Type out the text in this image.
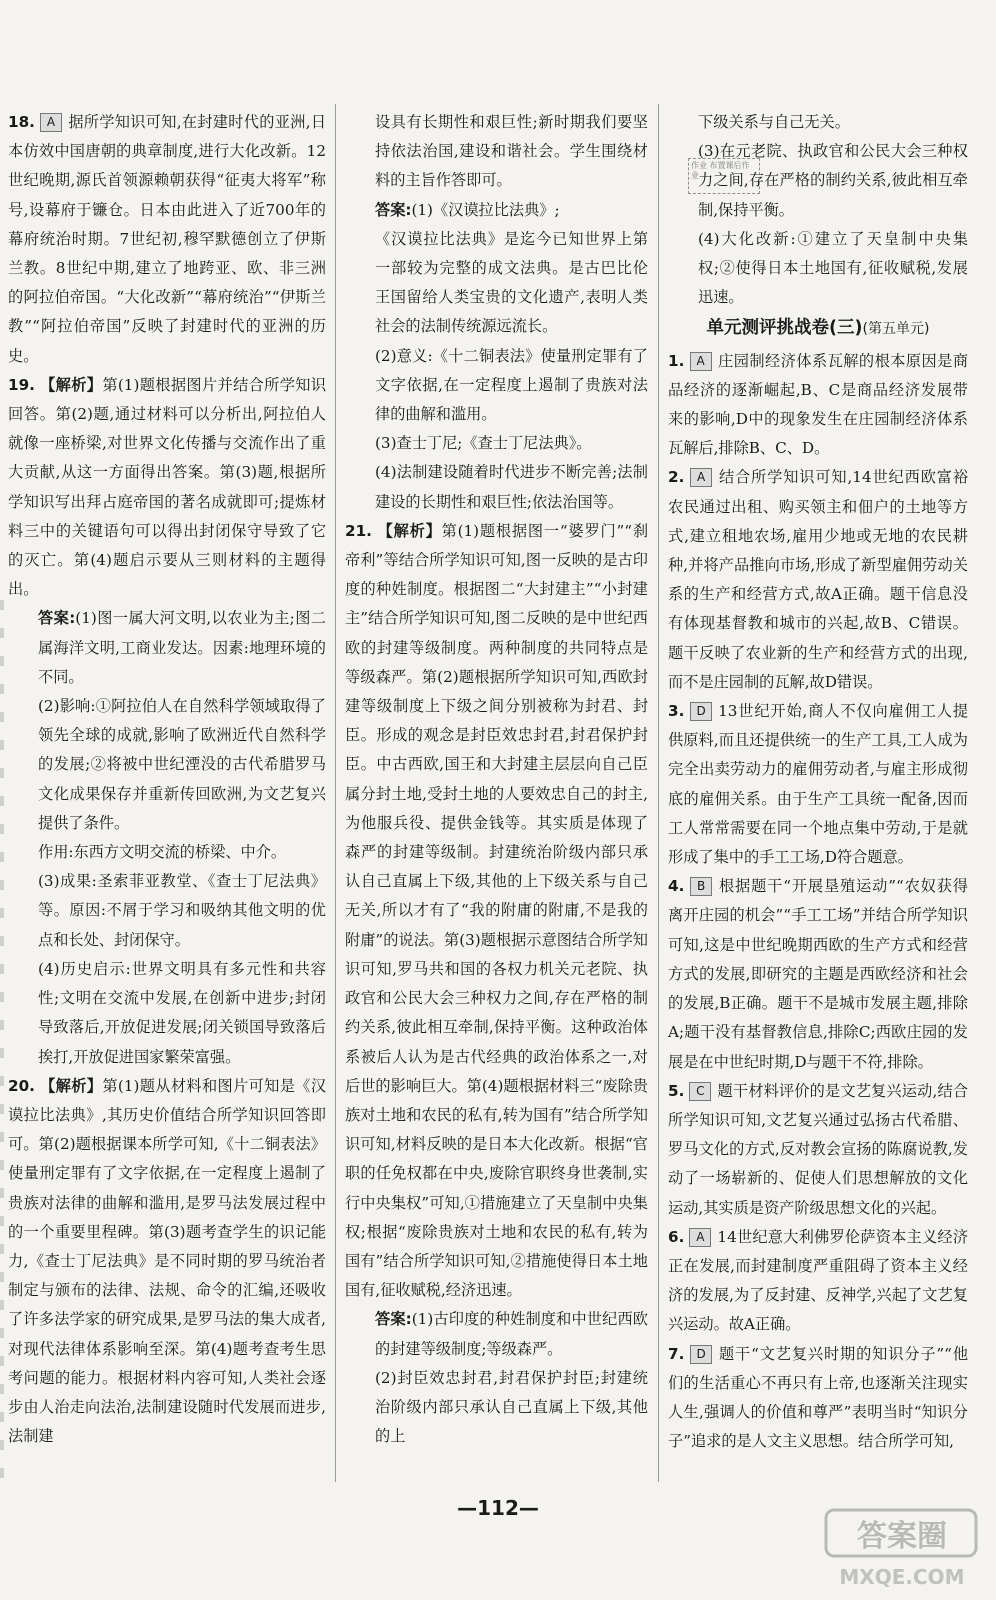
18. A 据所学知识可知,在封建时代的亚洲,日本仿效中国唐朝的典章制度,进行大化改新。12世纪晚期,源氏首领源赖朝获得“征夷大将军”称号,设幕府于镰仓。日本由此进入了近700年的幕府统治时期。7世纪初,穆罕默德创立了伊斯兰教。8世纪中期,建立了地跨亚、欧、非三洲的阿拉伯帝国。“大化改新”“幕府统治”“伊斯兰教”“阿拉伯帝国”反映了封建时代的亚洲的历史。

19. 【解析】第(1)题根据图片并结合所学知识回答。第(2)题,通过材料可以分析出,阿拉伯人就像一座桥梁,对世界文化传播与交流作出了重大贡献,从这一方面得出答案。第(3)题,根据所学知识写出拜占庭帝国的著名成就即可;提炼材料三中的关键语句可以得出封闭保守导致了它的灭亡。第(4)题启示要从三则材料的主题得出。

答案:(1)图一属大河文明,以农业为主;图二属海洋文明,工商业发达。因素:地理环境的不同。

(2)影响:①阿拉伯人在自然科学领域取得了领先全球的成就,影响了欧洲近代自然科学的发展;②将被中世纪湮没的古代希腊罗马文化成果保存并重新传回欧洲,为文艺复兴提供了条件。

作用:东西方文明交流的桥梁、中介。

(3)成果:圣索菲亚教堂、《查士丁尼法典》等。原因:不屑于学习和吸纳其他文明的优点和长处、封闭保守。

(4)历史启示:世界文明具有多元性和共容性;文明在交流中发展,在创新中进步;封闭导致落后,开放促进发展;闭关锁国导致落后挨打,开放促进国家繁荣富强。

20. 【解析】第(1)题从材料和图片可知是《汉谟拉比法典》,其历史价值结合所学知识回答即可。第(2)题根据课本所学可知,《十二铜表法》使量刑定罪有了文字依据,在一定程度上遏制了贵族对法律的曲解和滥用,是罗马法发展过程中的一个重要里程碑。第(3)题考查学生的识记能力,《查士丁尼法典》是不同时期的罗马统治者制定与颁布的法律、法规、命令的汇编,还吸收了许多法学家的研究成果,是罗马法的集大成者,对现代法律体系影响至深。第(4)题考查考生思考问题的能力。根据材料内容可知,人类社会逐步由人治走向法治,法制建设随时代发展而进步,法制建

设具有长期性和艰巨性;新时期我们要坚持依法治国,建设和谐社会。学生围绕材料的主旨作答即可。

答案:(1)《汉谟拉比法典》;

《汉谟拉比法典》是迄今已知世界上第一部较为完整的成文法典。是古巴比伦王国留给人类宝贵的文化遗产,表明人类社会的法制传统源远流长。

(2)意义:《十二铜表法》使量刑定罪有了文字依据,在一定程度上遏制了贵族对法律的曲解和滥用。

(3)查士丁尼;《查士丁尼法典》。

(4)法制建设随着时代进步不断完善;法制建设的长期性和艰巨性;依法治国等。

21. 【解析】第(1)题根据图一“婆罗门”“刹帝利”等结合所学知识可知,图一反映的是古印度的种姓制度。根据图二“大封建主”“小封建主”结合所学知识可知,图二反映的是中世纪西欧的封建等级制度。两种制度的共同特点是等级森严。第(2)题根据所学知识可知,西欧封建等级制度上下级之间分别被称为封君、封臣。形成的观念是封臣效忠封君,封君保护封臣。中古西欧,国王和大封建主层层向自己臣属分封土地,受封土地的人要效忠自己的封主,为他服兵役、提供金钱等。其实质是体现了森严的封建等级制。封建统治阶级内部只承认自己直属上下级,其他的上下级关系与自己无关,所以才有了“我的附庸的附庸,不是我的附庸”的说法。第(3)题根据示意图结合所学知识可知,罗马共和国的各权力机关元老院、执政官和公民大会三种权力之间,存在严格的制约关系,彼此相互牵制,保持平衡。这种政治体系被后人认为是古代经典的政治体系之一,对后世的影响巨大。第(4)题根据材料三“废除贵族对土地和农民的私有,转为国有”结合所学知识可知,材料反映的是日本大化改新。根据“官职的任免权都在中央,废除官职终身世袭制,实行中央集权”可知,①措施建立了天皇制中央集权;根据“废除贵族对土地和农民的私有,转为国有”结合所学知识可知,②措施使得日本土地国有,征收赋税,经济迅速。

答案:(1)古印度的种姓制度和中世纪西欧的封建等级制度;等级森严。

(2)封臣效忠封君,封君保护封臣;封建统治阶级内部只承认自己直属上下级,其他的上

下级关系与自己无关。

(3)在元老院、执政官和公民大会三种权力之间,存在严格的制约关系,彼此相互牵制,保持平衡。

(4)大化改新:①建立了天皇制中央集权;②使得日本土地国有,征收赋税,发展迅速。

单元测评挑战卷(三)(第五单元)

1. A 庄园制经济体系瓦解的根本原因是商品经济的逐渐崛起,B、C是商品经济发展带来的影响,D中的现象发生在庄园制经济体系瓦解后,排除B、C、D。

2. A 结合所学知识可知,14世纪西欧富裕农民通过出租、购买领主和佃户的土地等方式,建立租地农场,雇用少地或无地的农民耕种,并将产品推向市场,形成了新型雇佣劳动关系的生产和经营方式,故A正确。题干信息没有体现基督教和城市的兴起,故B、C错误。题干反映了农业新的生产和经营方式的出现,而不是庄园制的瓦解,故D错误。

3. D 13世纪开始,商人不仅向雇佣工人提供原料,而且还提供统一的生产工具,工人成为完全出卖劳动力的雇佣劳动者,与雇主形成彻底的雇佣关系。由于生产工具统一配备,因而工人常常需要在同一个地点集中劳动,于是就形成了集中的手工工场,D符合题意。

4. B 根据题干“开展垦殖运动”“农奴获得离开庄园的机会”“手工工场”并结合所学知识可知,这是中世纪晚期西欧的生产方式和经营方式的发展,即研究的主题是西欧经济和社会的发展,B正确。题干不是城市发展主题,排除A;题干没有基督教信息,排除C;西欧庄园的发展是在中世纪时期,D与题干不符,排除。

5. C 题干材料评价的是文艺复兴运动,结合所学知识可知,文艺复兴通过弘扬古代希腊、罗马文化的方式,反对教会宣扬的陈腐说教,发动了一场崭新的、促使人们思想解放的文化运动,其实质是资产阶级思想文化的兴起。

6. A 14世纪意大利佛罗伦萨资本主义经济正在发展,而封建制度严重阻碍了资本主义经济的发展,为了反封建、反神学,兴起了文艺复兴运动。故A正确。

7. D 题干“文艺复兴时期的知识分子”“他们的生活重心不再只有上帝,也逐渐关注现实人生,强调人的价值和尊严”表明当时“知识分子”追求的是人文主义思想。结合所学可知,

作业 布置课后作业
—112—
答案圈
MXQE.COM
